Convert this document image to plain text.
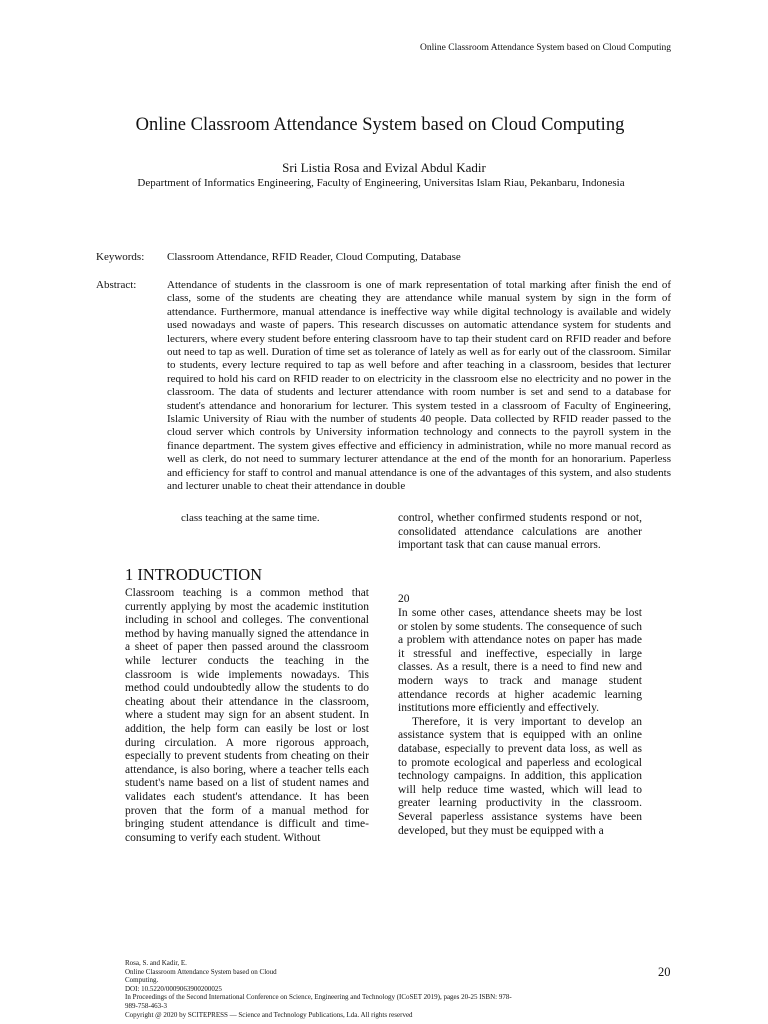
Online Classroom Attendance System based on Cloud Computing
Online Classroom Attendance System based on Cloud Computing
Sri Listia Rosa and Evizal Abdul Kadir
Department of Informatics Engineering, Faculty of Engineering, Universitas Islam Riau, Pekanbaru, Indonesia
Keywords: Classroom Attendance, RFID Reader, Cloud Computing, Database
Abstract:	Attendance of students in the classroom is one of mark representation of total marking after finish the end of class, some of the students are cheating they are attendance while manual system by sign in the form of attendance. Furthermore, manual attendance is ineffective way while digital technology is available and widely used nowadays and waste of papers. This research discusses on automatic attendance system for students and lecturers, where every student before entering classroom have to tap their student card on RFID reader and before out need to tap as well. Duration of time set as tolerance of lately as well as for early out of the classroom. Similar to students, every lecture required to tap as well before and after teaching in a classroom, besides that lecturer required to hold his card on RFID reader to on electricity in the classroom else no electricity and no power in the classroom. The data of students and lecturer attendance with room number is set and send to a database for student's attendance and honorarium for lecturer. This system tested in a classroom of Faculty of Engineering, Islamic University of Riau with the number of students 40 people. Data collected by RFID reader passed to the cloud server which controls by University information technology and connects to the payroll system in the finance department. The system gives effective and efficiency in administration, while no more manual record as well as clerk, do not need to summary lecturer attendance at the end of the month for an honorarium. Paperless and efficiency for staff to control and manual attendance is one of the advantages of this system, and also students and lecturer unable to cheat their attendance in double
class teaching at the same time.
1 INTRODUCTION
Classroom teaching is a common method that currently applying by most the academic institution including in school and colleges. The conventional method by having manually signed the attendance in a sheet of paper then passed around the classroom while lecturer conducts the teaching in the classroom is wide implements nowadays. This method could undoubtedly allow the students to do cheating about their attendance in the classroom, where a student may sign for an absent student. In addition, the help form can easily be lost or lost during circulation. A more rigorous approach, especially to prevent students from cheating on their attendance, is also boring, where a teacher tells each student's name based on a list of student names and validates each student's attendance. It has been proven that the form of a manual method for bringing student attendance is difficult and time-consuming to verify each student. Without
control, whether confirmed students respond or not, consolidated attendance calculations are another important task that can cause manual errors.
20

In some other cases, attendance sheets may be lost or stolen by some students. The consequence of such a problem with attendance notes on paper has made it stressful and ineffective, especially in large classes. As a result, there is a need to find new and modern ways to track and manage student attendance records at higher academic learning institutions more efficiently and effectively.

Therefore, it is very important to develop an assistance system that is equipped with an online database, especially to prevent data loss, as well as to promote ecological and paperless and ecological technology campaigns. In addition, this application will help reduce time wasted, which will lead to greater learning productivity in the classroom. Several paperless assistance systems have been developed, but they must be equipped with a

Rosa, S. and Kadir, E.
Online Classroom Attendance System based on Cloud Computing.
DOI: 10.5220/0009063900200025
In Proceedings of the Second International Conference on Science, Engineering and Technology (ICoSET 2019), pages 20-25 ISBN: 978-989-758-463-3
Copyright @ 2020 by SCITEPRESS — Science and Technology Publications, Lda. All rights reserved
20
